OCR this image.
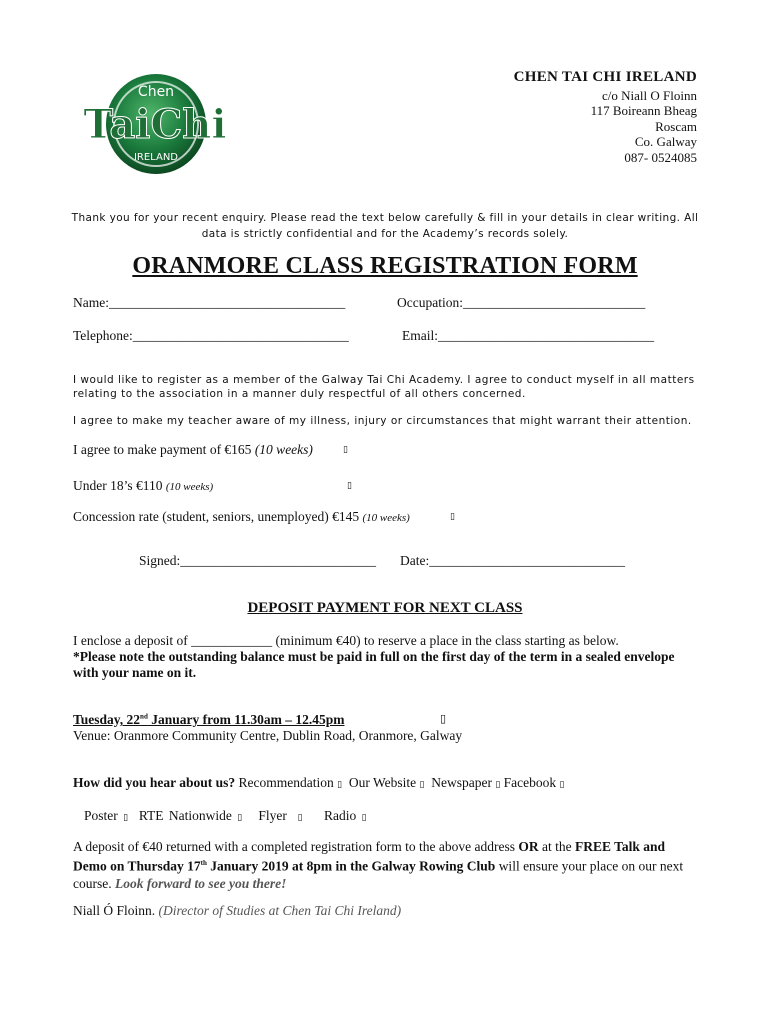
Chen
TaiChi
IRELAND
CHEN TAI CHI IRELAND
c/o Niall O Floinn
117 Boireann Bheag
Roscam
Co. Galway
087- 0524085
Thank you for your recent enquiry. Please read the text below carefully & fill in your details in clear writing. All data is strictly confidential and for the Academy’s records solely.
ORANMORE CLASS REGISTRATION FORM
Name:___________________________________	Occupation:___________________________
Telephone:________________________________	Email:________________________________
I would like to register as a member of the Galway Tai Chi Academy. I agree to conduct myself in all matters relating to the association in a manner duly respectful of all others concerned.
I agree to make my teacher aware of my illness, injury or circumstances that might warrant their attention.
I agree to make payment of €165 (10 weeks)	▯
Under 18’s €110 (10 weeks)	▯
Concession rate (student, seniors, unemployed) €145 (10 weeks)	▯
Signed:_____________________________ Date:_____________________________
DEPOSIT PAYMENT FOR NEXT CLASS
I enclose a deposit of ____________ (minimum €40) to reserve a place in the class starting as below.
*Please note the outstanding balance must be paid in full on the first day of the term in a sealed envelope with your name on it.
Tuesday, 22nd January from 11.30am – 12.45pm	▯
Venue: Oranmore Community Centre, Dublin Road, Oranmore, Galway
How did you hear about us? Recommendation ▯ Our Website ▯ Newspaper ▯ Facebook ▯
Poster ▯ RTE Nationwide ▯ Flyer ▯ Radio ▯
A deposit of €40 returned with a completed registration form to the above address OR at the FREE Talk and Demo on Thursday 17th January 2019 at 8pm in the Galway Rowing Club will ensure your place on our next course. Look forward to see you there!
Niall Ó Floinn. (Director of Studies at Chen Tai Chi Ireland)
